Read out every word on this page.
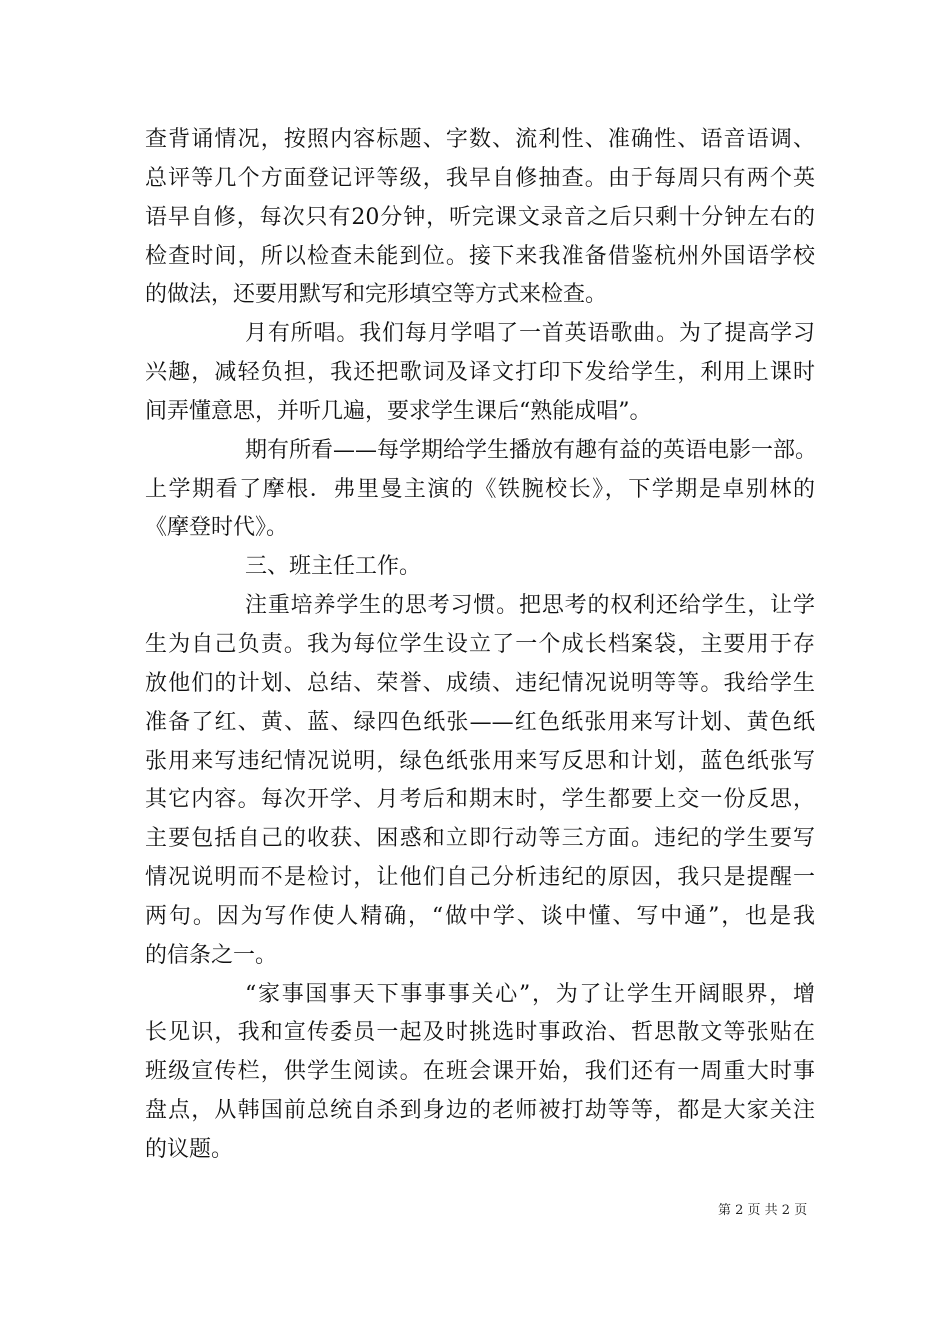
查背诵情况，按照内容标题、字数、流利性、准确性、语音语调、
总评等几个方面登记评等级，我早自修抽查。由于每周只有两个英
语早自修，每次只有20分钟，听完课文录音之后只剩十分钟左右的
检查时间，所以检查未能到位。接下来我准备借鉴杭州外国语学校
的做法，还要用默写和完形填空等方式来检查。
月有所唱。我们每月学唱了一首英语歌曲。为了提高学习
兴趣，减轻负担，我还把歌词及译文打印下发给学生，利用上课时
间弄懂意思，并听几遍，要求学生课后“熟能成唱”。
期有所看——每学期给学生播放有趣有益的英语电影一部。
上学期看了摩根．弗里曼主演的《铁腕校长》，下学期是卓别林的
《摩登时代》。
三、班主任工作。
注重培养学生的思考习惯。把思考的权利还给学生，让学
生为自己负责。我为每位学生设立了一个成长档案袋，主要用于存
放他们的计划、总结、荣誉、成绩、违纪情况说明等等。我给学生
准备了红、黄、蓝、绿四色纸张——红色纸张用来写计划、黄色纸
张用来写违纪情况说明，绿色纸张用来写反思和计划，蓝色纸张写
其它内容。每次开学、月考后和期末时，学生都要上交一份反思，
主要包括自己的收获、困惑和立即行动等三方面。违纪的学生要写
情况说明而不是检讨，让他们自己分析违纪的原因，我只是提醒一
两句。因为写作使人精确，“做中学、谈中懂、写中通”，也是我
的信条之一。
“家事国事天下事事事关心”，为了让学生开阔眼界，增
长见识，我和宣传委员一起及时挑选时事政治、哲思散文等张贴在
班级宣传栏，供学生阅读。在班会课开始，我们还有一周重大时事
盘点，从韩国前总统自杀到身边的老师被打劫等等，都是大家关注
的议题。
第 2 页 共 2 页
